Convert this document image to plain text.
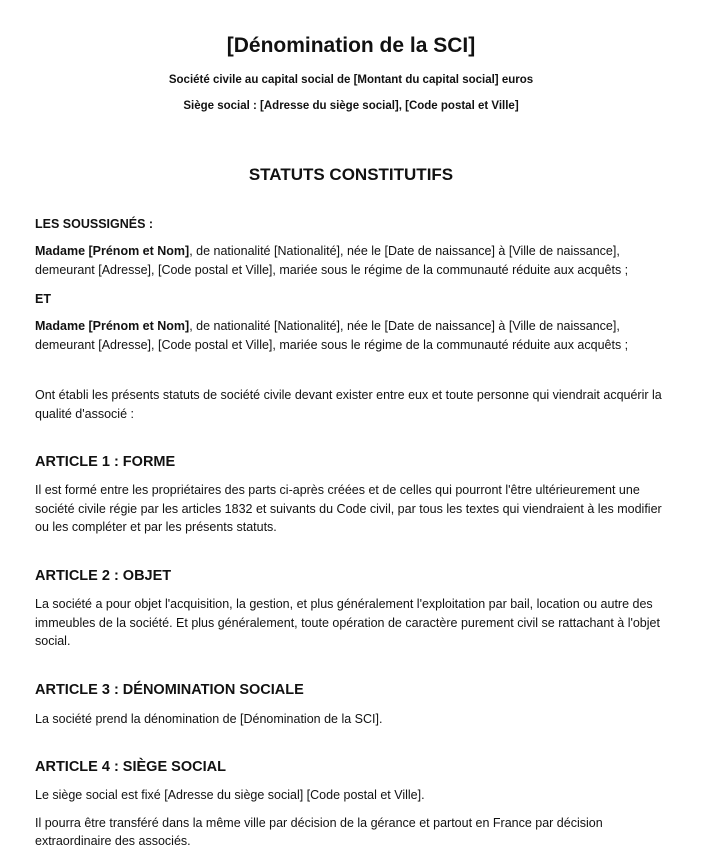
[Dénomination de la SCI]

Société civile au capital social de [Montant du capital social] euros

Siège social : [Adresse du siège social], [Code postal et Ville]

STATUTS CONSTITUTIFS

LES SOUSSIGNÉS :

Madame [Prénom et Nom], de nationalité [Nationalité], née le [Date de naissance] à [Ville de naissance],
demeurant [Adresse], [Code postal et Ville], mariée sous le régime de la communauté réduite aux acquêts ;

ET

Madame [Prénom et Nom], de nationalité [Nationalité], née le [Date de naissance] à [Ville de naissance],
demeurant [Adresse], [Code postal et Ville], mariée sous le régime de la communauté réduite aux acquêts ;
Ont établi les présents statuts de société civile devant exister entre eux et toute personne qui viendrait acquérir la
qualité d'associé :
ARTICLE 1 : FORME
Il est formé entre les propriétaires des parts ci-après créées et de celles qui pourront l'être ultérieurement une
société civile régie par les articles 1832 et suivants du Code civil, par tous les textes qui viendraient à les modifier
ou les compléter et par les présents statuts.
ARTICLE 2 : OBJET
La société a pour objet l'acquisition, la gestion, et plus généralement l'exploitation par bail, location ou autre des
immeubles de la société. Et plus généralement, toute opération de caractère purement civil se rattachant à l'objet
social.
ARTICLE 3 : DÉNOMINATION SOCIALE
La société prend la dénomination de [Dénomination de la SCI].
ARTICLE 4 : SIÈGE SOCIAL
Le siège social est fixé [Adresse du siège social] [Code postal et Ville].
Il pourra être transféré dans la même ville par décision de la gérance et partout en France par décision
extraordinaire des associés.
